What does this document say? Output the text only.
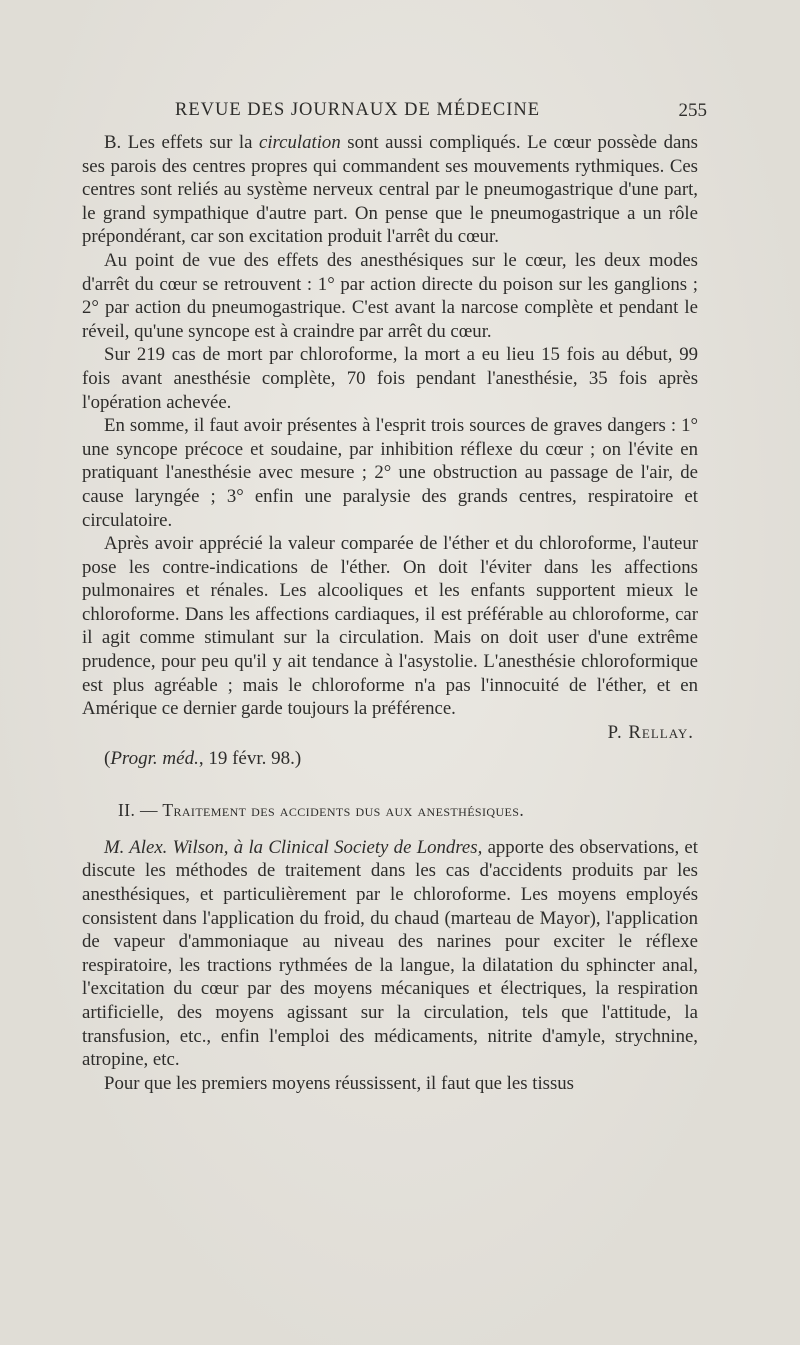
REVUE DES JOURNAUX DE MÉDECINE	255

B. Les effets sur la circulation sont aussi compliqués. Le cœur possède dans ses parois des centres propres qui commandent ses mouvements rythmiques. Ces centres sont reliés au système nerveux central par le pneumogastrique d'une part, le grand sympathique d'autre part. On pense que le pneumogastrique a un rôle prépondérant, car son excitation produit l'arrêt du cœur.

Au point de vue des effets des anesthésiques sur le cœur, les deux modes d'arrêt du cœur se retrouvent : 1° par action directe du poison sur les ganglions ; 2° par action du pneumogastrique. C'est avant la narcose complète et pendant le réveil, qu'une syncope est à craindre par arrêt du cœur.

Sur 219 cas de mort par chloroforme, la mort a eu lieu 15 fois au début, 99 fois avant anesthésie complète, 70 fois pendant l'anesthésie, 35 fois après l'opération achevée.

En somme, il faut avoir présentes à l'esprit trois sources de graves dangers : 1° une syncope précoce et soudaine, par inhibition réflexe du cœur ; on l'évite en pratiquant l'anesthésie avec mesure ; 2° une obstruction au passage de l'air, de cause laryngée ; 3° enfin une paralysie des grands centres, respiratoire et circulatoire.

Après avoir apprécié la valeur comparée de l'éther et du chloroforme, l'auteur pose les contre-indications de l'éther. On doit l'éviter dans les affections pulmonaires et rénales. Les alcooliques et les enfants supportent mieux le chloroforme. Dans les affections cardiaques, il est préférable au chloroforme, car il agit comme stimulant sur la circulation. Mais on doit user d'une extrême prudence, pour peu qu'il y ait tendance à l'asystolie. L'anesthésie chloroformique est plus agréable ; mais le chloroforme n'a pas l'innocuité de l'éther, et en Amérique ce dernier garde toujours la préférence.

P. Rellay.
(Progr. méd., 19 févr. 98.)
II. — Traitement des accidents dus aux anesthésiques.

M. Alex. Wilson, à la Clinical Society de Londres, apporte des observations, et discute les méthodes de traitement dans les cas d'accidents produits par les anesthésiques, et particulièrement par le chloroforme. Les moyens employés consistent dans l'application du froid, du chaud (marteau de Mayor), l'application de vapeur d'ammoniaque au niveau des narines pour exciter le réflexe respiratoire, les tractions rythmées de la langue, la dilatation du sphincter anal, l'excitation du cœur par des moyens mécaniques et électriques, la respiration artificielle, des moyens agissant sur la circulation, tels que l'attitude, la transfusion, etc., enfin l'emploi des médicaments, nitrite d'amyle, strychnine, atropine, etc.

Pour que les premiers moyens réussissent, il faut que les tissus
